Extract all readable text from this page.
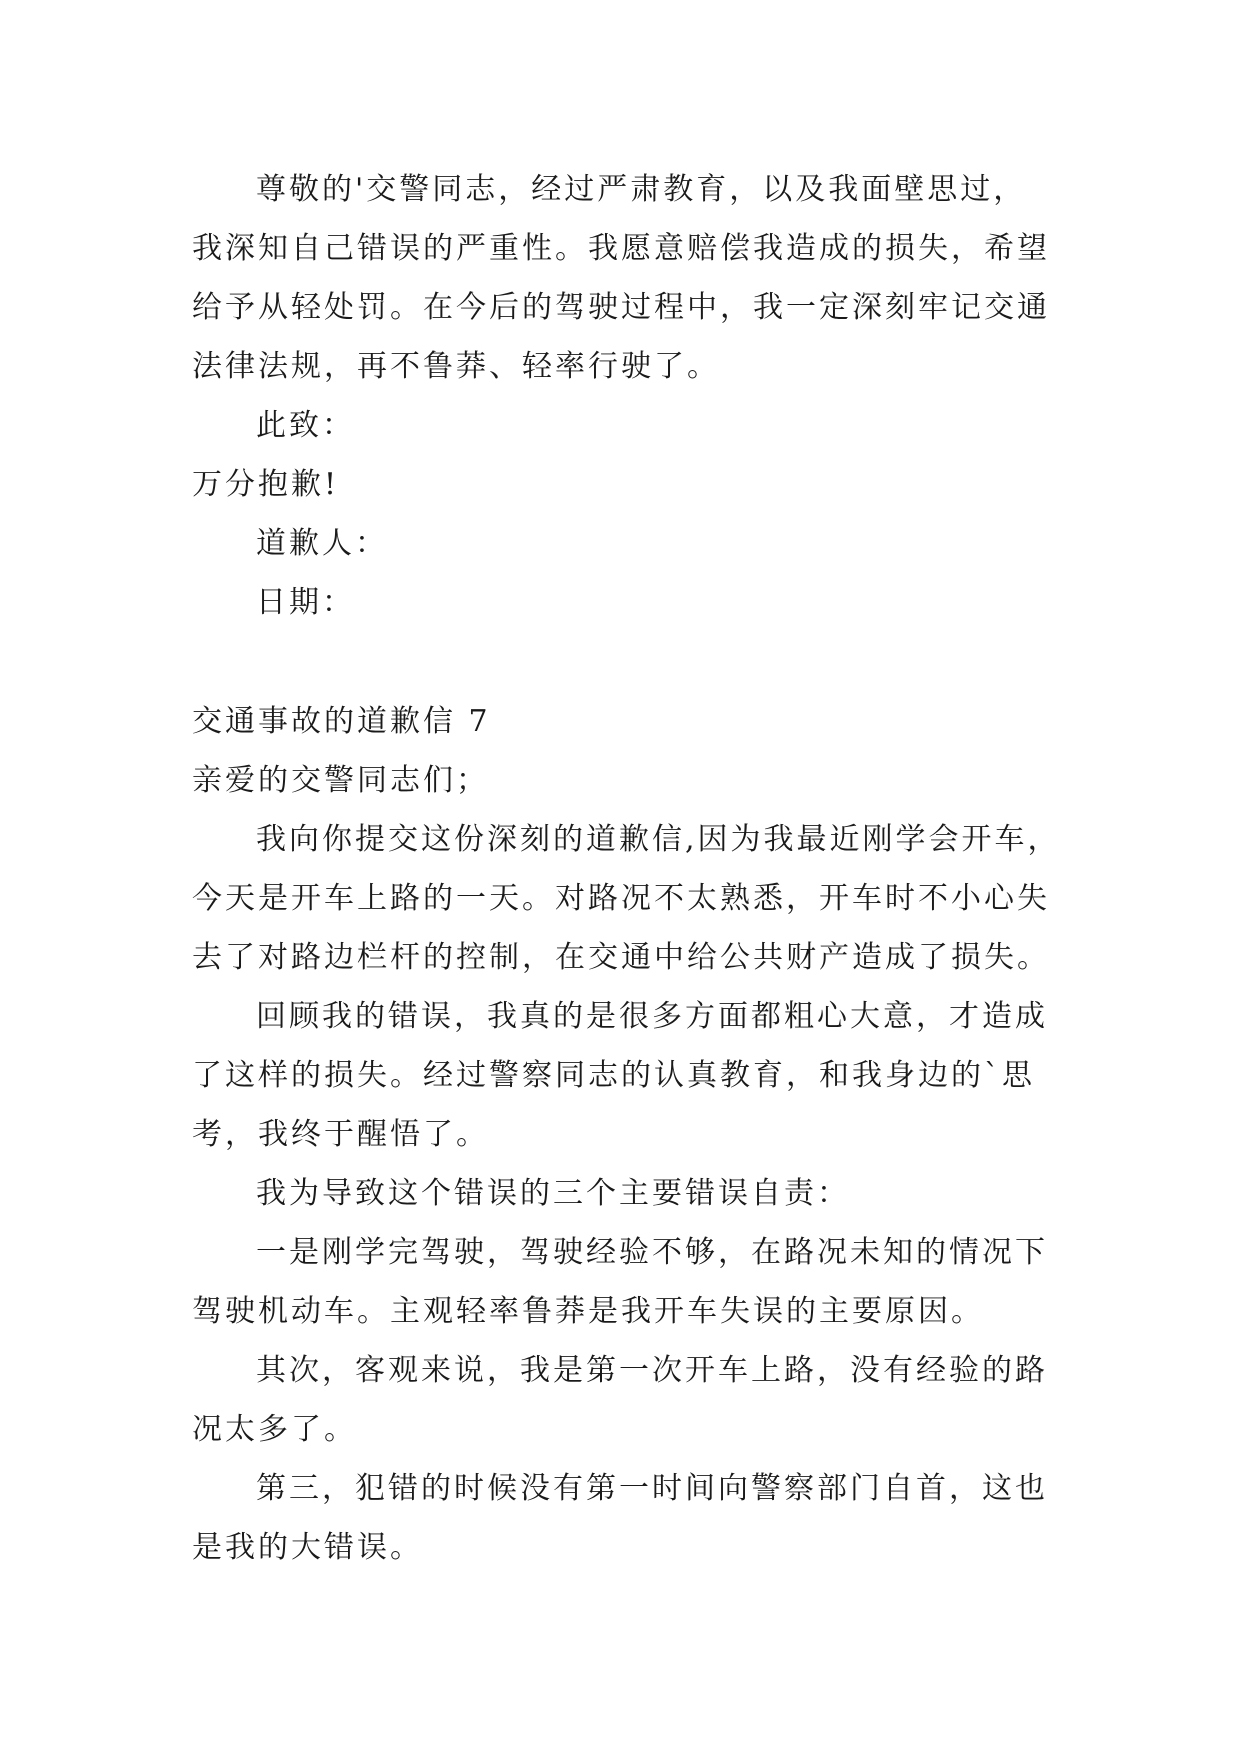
尊敬的'交警同志，经过严肃教育，以及我面壁思过，
我深知自己错误的严重性。我愿意赔偿我造成的损失，希望
给予从轻处罚。在今后的驾驶过程中，我一定深刻牢记交通
法律法规，再不鲁莽、轻率行驶了。
此致：
万分抱歉!
道歉人：
日期：
交通事故的道歉信 7
亲爱的交警同志们；
我向你提交这份深刻的道歉信,因为我最近刚学会开车，
今天是开车上路的一天。对路况不太熟悉，开车时不小心失
去了对路边栏杆的控制，在交通中给公共财产造成了损失。
回顾我的错误，我真的是很多方面都粗心大意，才造成
了这样的损失。经过警察同志的认真教育，和我身边的`思
考，我终于醒悟了。
我为导致这个错误的三个主要错误自责：
一是刚学完驾驶，驾驶经验不够，在路况未知的情况下
驾驶机动车。主观轻率鲁莽是我开车失误的主要原因。
其次，客观来说，我是第一次开车上路，没有经验的路
况太多了。
第三，犯错的时候没有第一时间向警察部门自首，这也
是我的大错误。
